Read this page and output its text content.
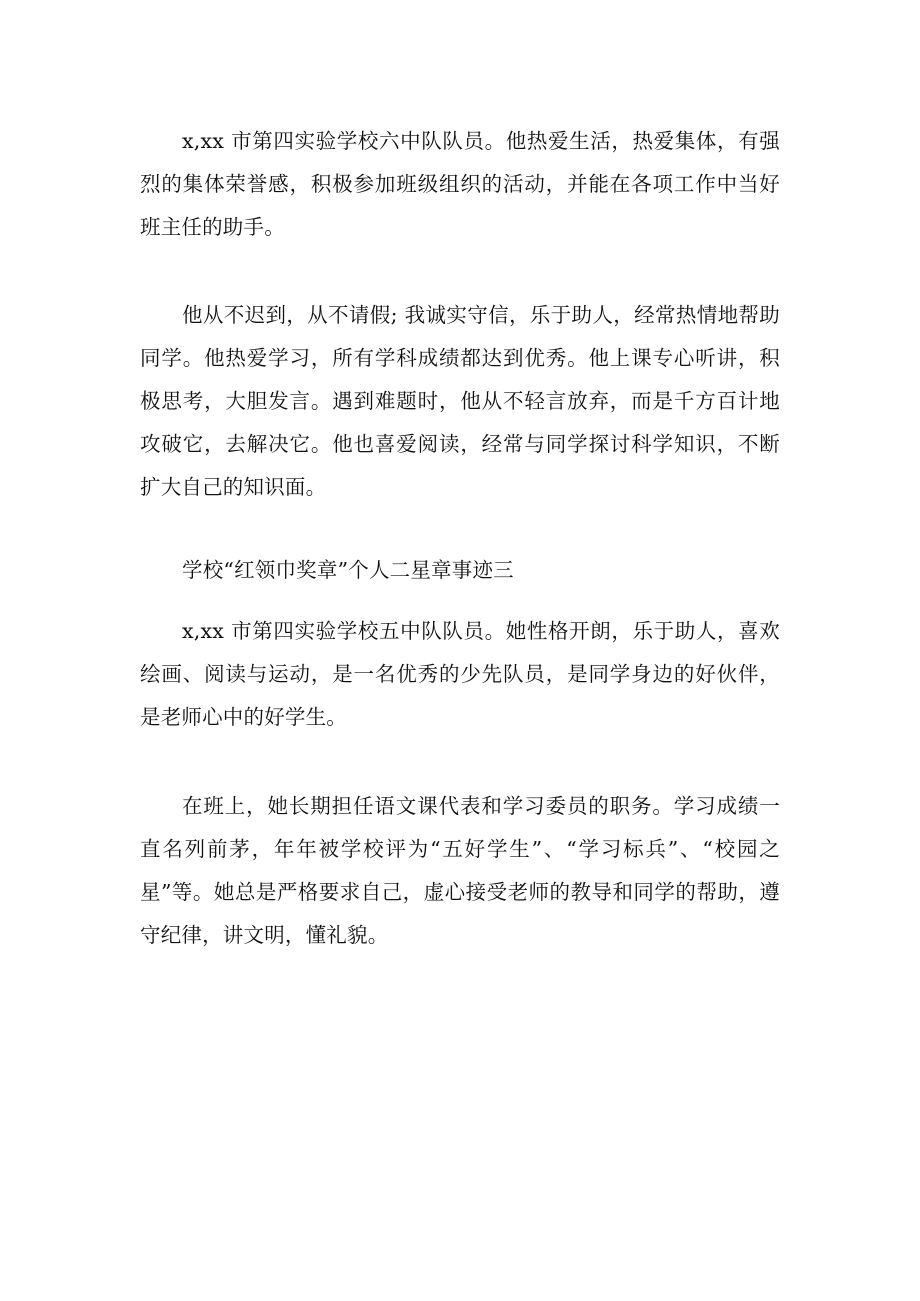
x,xx 市第四实验学校六中队队员。他热爱生活，热爱集体，有强烈的集体荣誉感，积极参加班级组织的活动，并能在各项工作中当好班主任的助手。

他从不迟到，从不请假; 我诚实守信，乐于助人，经常热情地帮助同学。他热爱学习，所有学科成绩都达到优秀。他上课专心听讲，积极思考，大胆发言。遇到难题时，他从不轻言放弃，而是千方百计地攻破它，去解决它。他也喜爱阅读，经常与同学探讨科学知识，不断扩大自己的知识面。

学校“红领巾奖章”个人二星章事迹三

x,xx 市第四实验学校五中队队员。她性格开朗，乐于助人，喜欢绘画、阅读与运动，是一名优秀的少先队员，是同学身边的好伙伴，是老师心中的好学生。

在班上，她长期担任语文课代表和学习委员的职务。学习成绩一直名列前茅，年年被学校评为“五好学生”、“学习标兵”、“校园之星”等。她总是严格要求自己，虚心接受老师的教导和同学的帮助，遵守纪律，讲文明，懂礼貌。
